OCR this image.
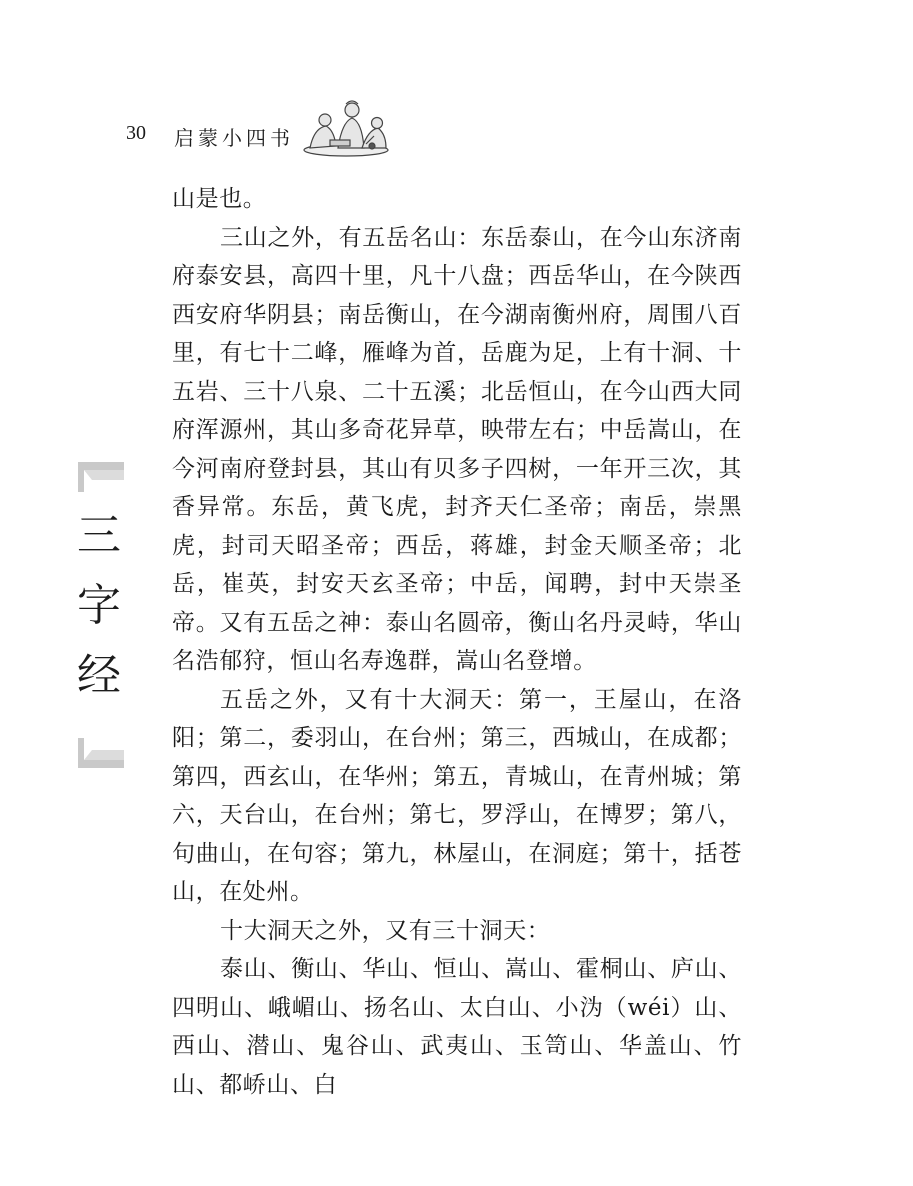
30 启蒙小四书
三
字
经

山是也。

三山之外，有五岳名山：东岳泰山，在今山东济南府泰安县，高四十里，凡十八盘；西岳华山，在今陕西西安府华阴县；南岳衡山，在今湖南衡州府，周围八百里，有七十二峰，雁峰为首，岳鹿为足，上有十洞、十五岩、三十八泉、二十五溪；北岳恒山，在今山西大同府浑源州，其山多奇花异草，映带左右；中岳嵩山，在今河南府登封县，其山有贝多子四树，一年开三次，其香异常。东岳，黄飞虎，封齐天仁圣帝；南岳，崇黑虎，封司天昭圣帝；西岳，蒋雄，封金天顺圣帝；北岳，崔英，封安天玄圣帝；中岳，闻聘，封中天崇圣帝。又有五岳之神：泰山名圆帝，衡山名丹灵峙，华山名浩郁狩，恒山名寿逸群，嵩山名登增。

五岳之外，又有十大洞天：第一，王屋山，在洛阳；第二，委羽山，在台州；第三，西城山，在成都；第四，西玄山，在华州；第五，青城山，在青州城；第六，天台山，在台州；第七，罗浮山，在博罗；第八，句曲山，在句容；第九，林屋山，在洞庭；第十，括苍山，在处州。

十大洞天之外，又有三十洞天：

泰山、衡山、华山、恒山、嵩山、霍桐山、庐山、四明山、峨嵋山、扬名山、太白山、小沩（wéi）山、西山、潜山、鬼谷山、武夷山、玉笥山、华盖山、竹山、都峤山、白
